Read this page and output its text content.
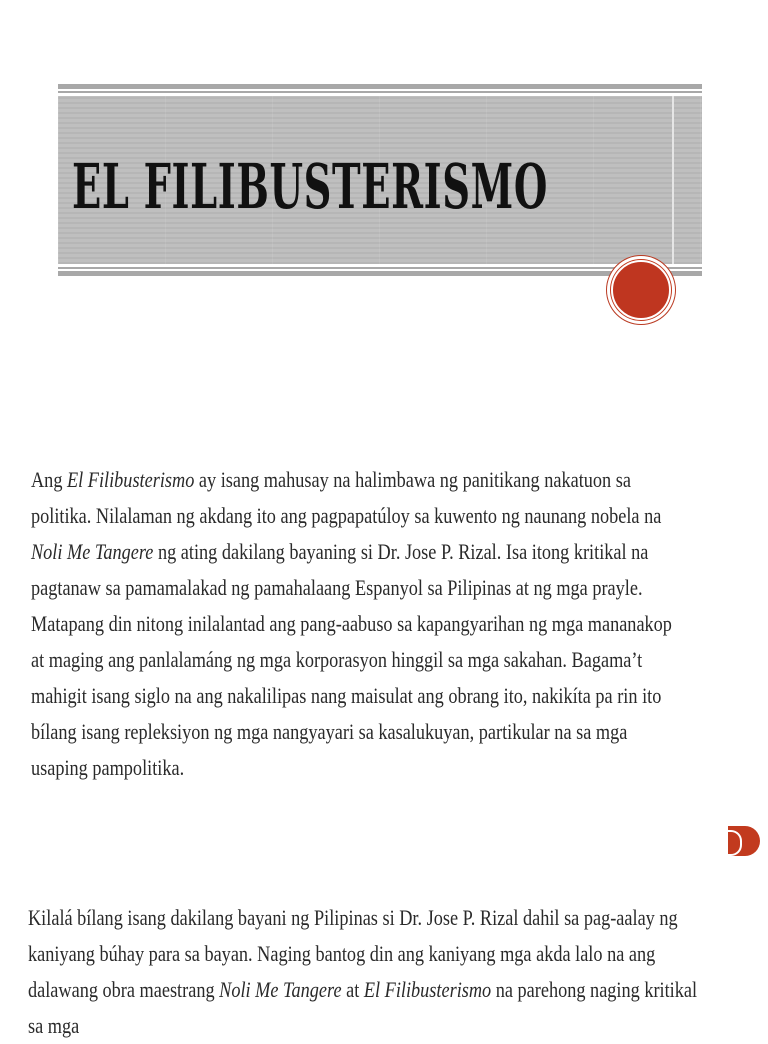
EL FILIBUSTERISMO

Ang El Filibusterismo ay isang mahusay na halimbawa ng panitikang nakatuon sa politika. Nilalaman ng akdang ito ang pagpapatúloy sa kuwento ng naunang nobela na Noli Me Tangere ng ating dakilang bayaning si Dr. Jose P. Rizal. Isa itong kritikal na pagtanaw sa pamamalakad ng pamahalaang Espanyol sa Pilipinas at ng mga prayle. Matapang din nitong inilalantad ang pang-aabuso sa kapangyarihan ng mga mananakop at maging ang panlalamáng ng mga korporasyon hinggil sa mga sakahan. Bagama’t mahigit isang siglo na ang nakalilipas nang maisulat ang obrang ito, nakikíta pa rin ito bílang isang repleksiyon ng mga nangyayari sa kasalukuyan, partikular na sa mga usaping pampolitika.

Kilalá bílang isang dakilang bayani ng Pilipinas si Dr. Jose P. Rizal dahil sa pag-aalay ng kaniyang búhay para sa bayan. Naging bantog din ang kaniyang mga akda lalo na ang dalawang obra maestrang Noli Me Tangere at El Filibusterismo na parehong naging kritikal sa mga
